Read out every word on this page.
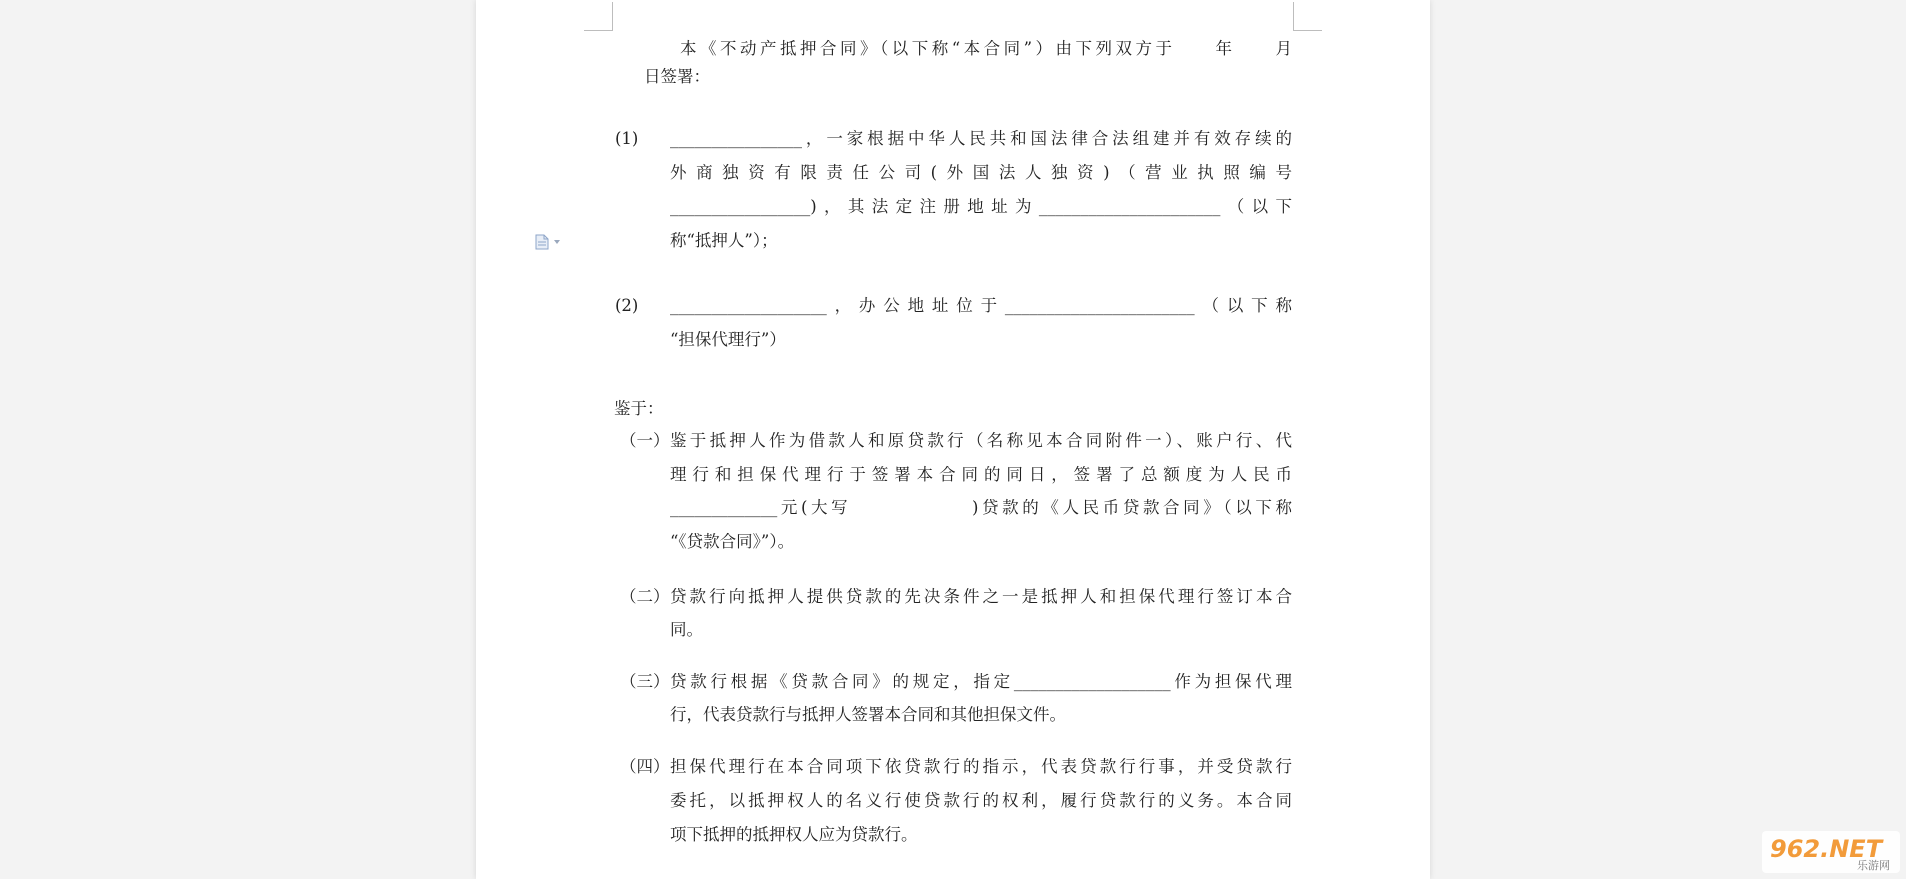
本《不动产抵押合同》（以下称“本合同”）由下列双方于　　年　　月
日签署：
(1) ________________，一家根据中华人民共和国法律合法组建并有效存续的
外商独资有限责任公司(外国法人独资)（营业执照编号
_________________)，其法定注册地址为______________________（以下
称“抵押人”）；
(2) ___________________，办公地址位于_______________________（以下称
“担保代理行”）
鉴于：
（一） 鉴于抵押人作为借款人和原贷款行（名称见本合同附件一）、账户行、代
理行和担保代理行于签署本合同的同日，签署了总额度为人民币
_____________元(大写　　　　　　)贷款的《人民币贷款合同》（以下称
“《贷款合同》”）。
（二） 贷款行向抵押人提供贷款的先决条件之一是抵押人和担保代理行签订本合
同。
（三） 贷款行根据《贷款合同》的规定，指定___________________作为担保代理
行，代表贷款行与抵押人签署本合同和其他担保文件。
（四） 担保代理行在本合同项下依贷款行的指示，代表贷款行行事，并受贷款行
委托，以抵押权人的名义行使贷款行的权利，履行贷款行的义务。本合同
项下抵押的抵押权人应为贷款行。
962.NET
乐游网
